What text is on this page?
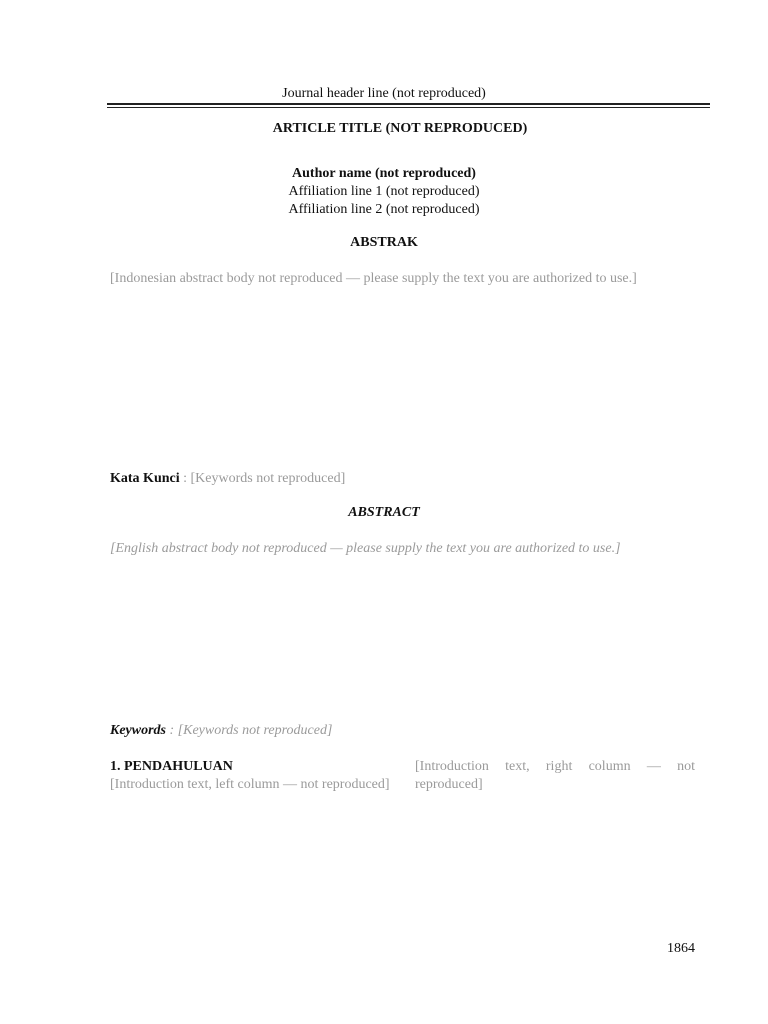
Journal header line (not reproduced)
ARTICLE TITLE (NOT REPRODUCED)
Author name (not reproduced)
Affiliation line 1 (not reproduced)
Affiliation line 2 (not reproduced)
ABSTRAK
[Indonesian abstract body not reproduced — please supply the text you are authorized to use.]
Kata Kunci : [Keywords not reproduced]
ABSTRACT
[English abstract body not reproduced — please supply the text you are authorized to use.]
Keywords : [Keywords not reproduced]
1. PENDAHULUAN
[Introduction text, left column — not reproduced]
[Introduction text, right column — not reproduced]
1864
